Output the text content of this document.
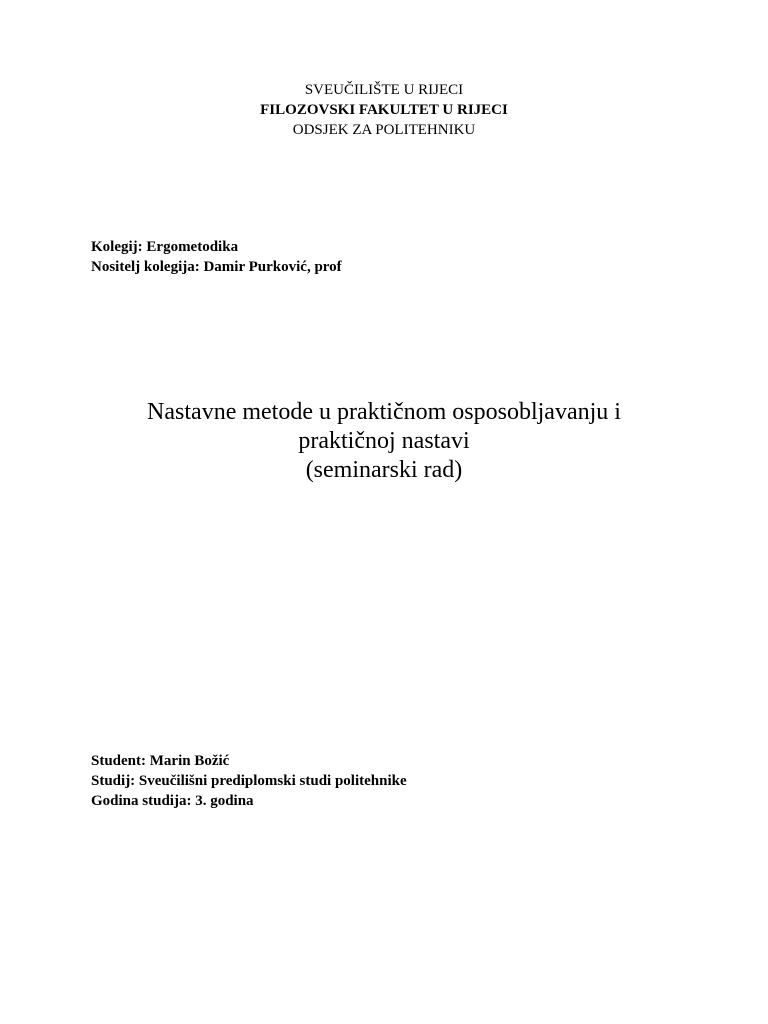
SVEUČILIŠTE U RIJECI
FILOZOVSKI FAKULTET U RIJECI
ODSJEK ZA POLITEHNIKU
Kolegij: Ergometodika
Nositelj kolegija: Damir Purković, prof
Nastavne metode u praktičnom osposobljavanju i
praktičnoj nastavi
(seminarski rad)
Student: Marin Božić
Studij: Sveučilišni prediplomski studi politehnike
Godina studija: 3. godina
